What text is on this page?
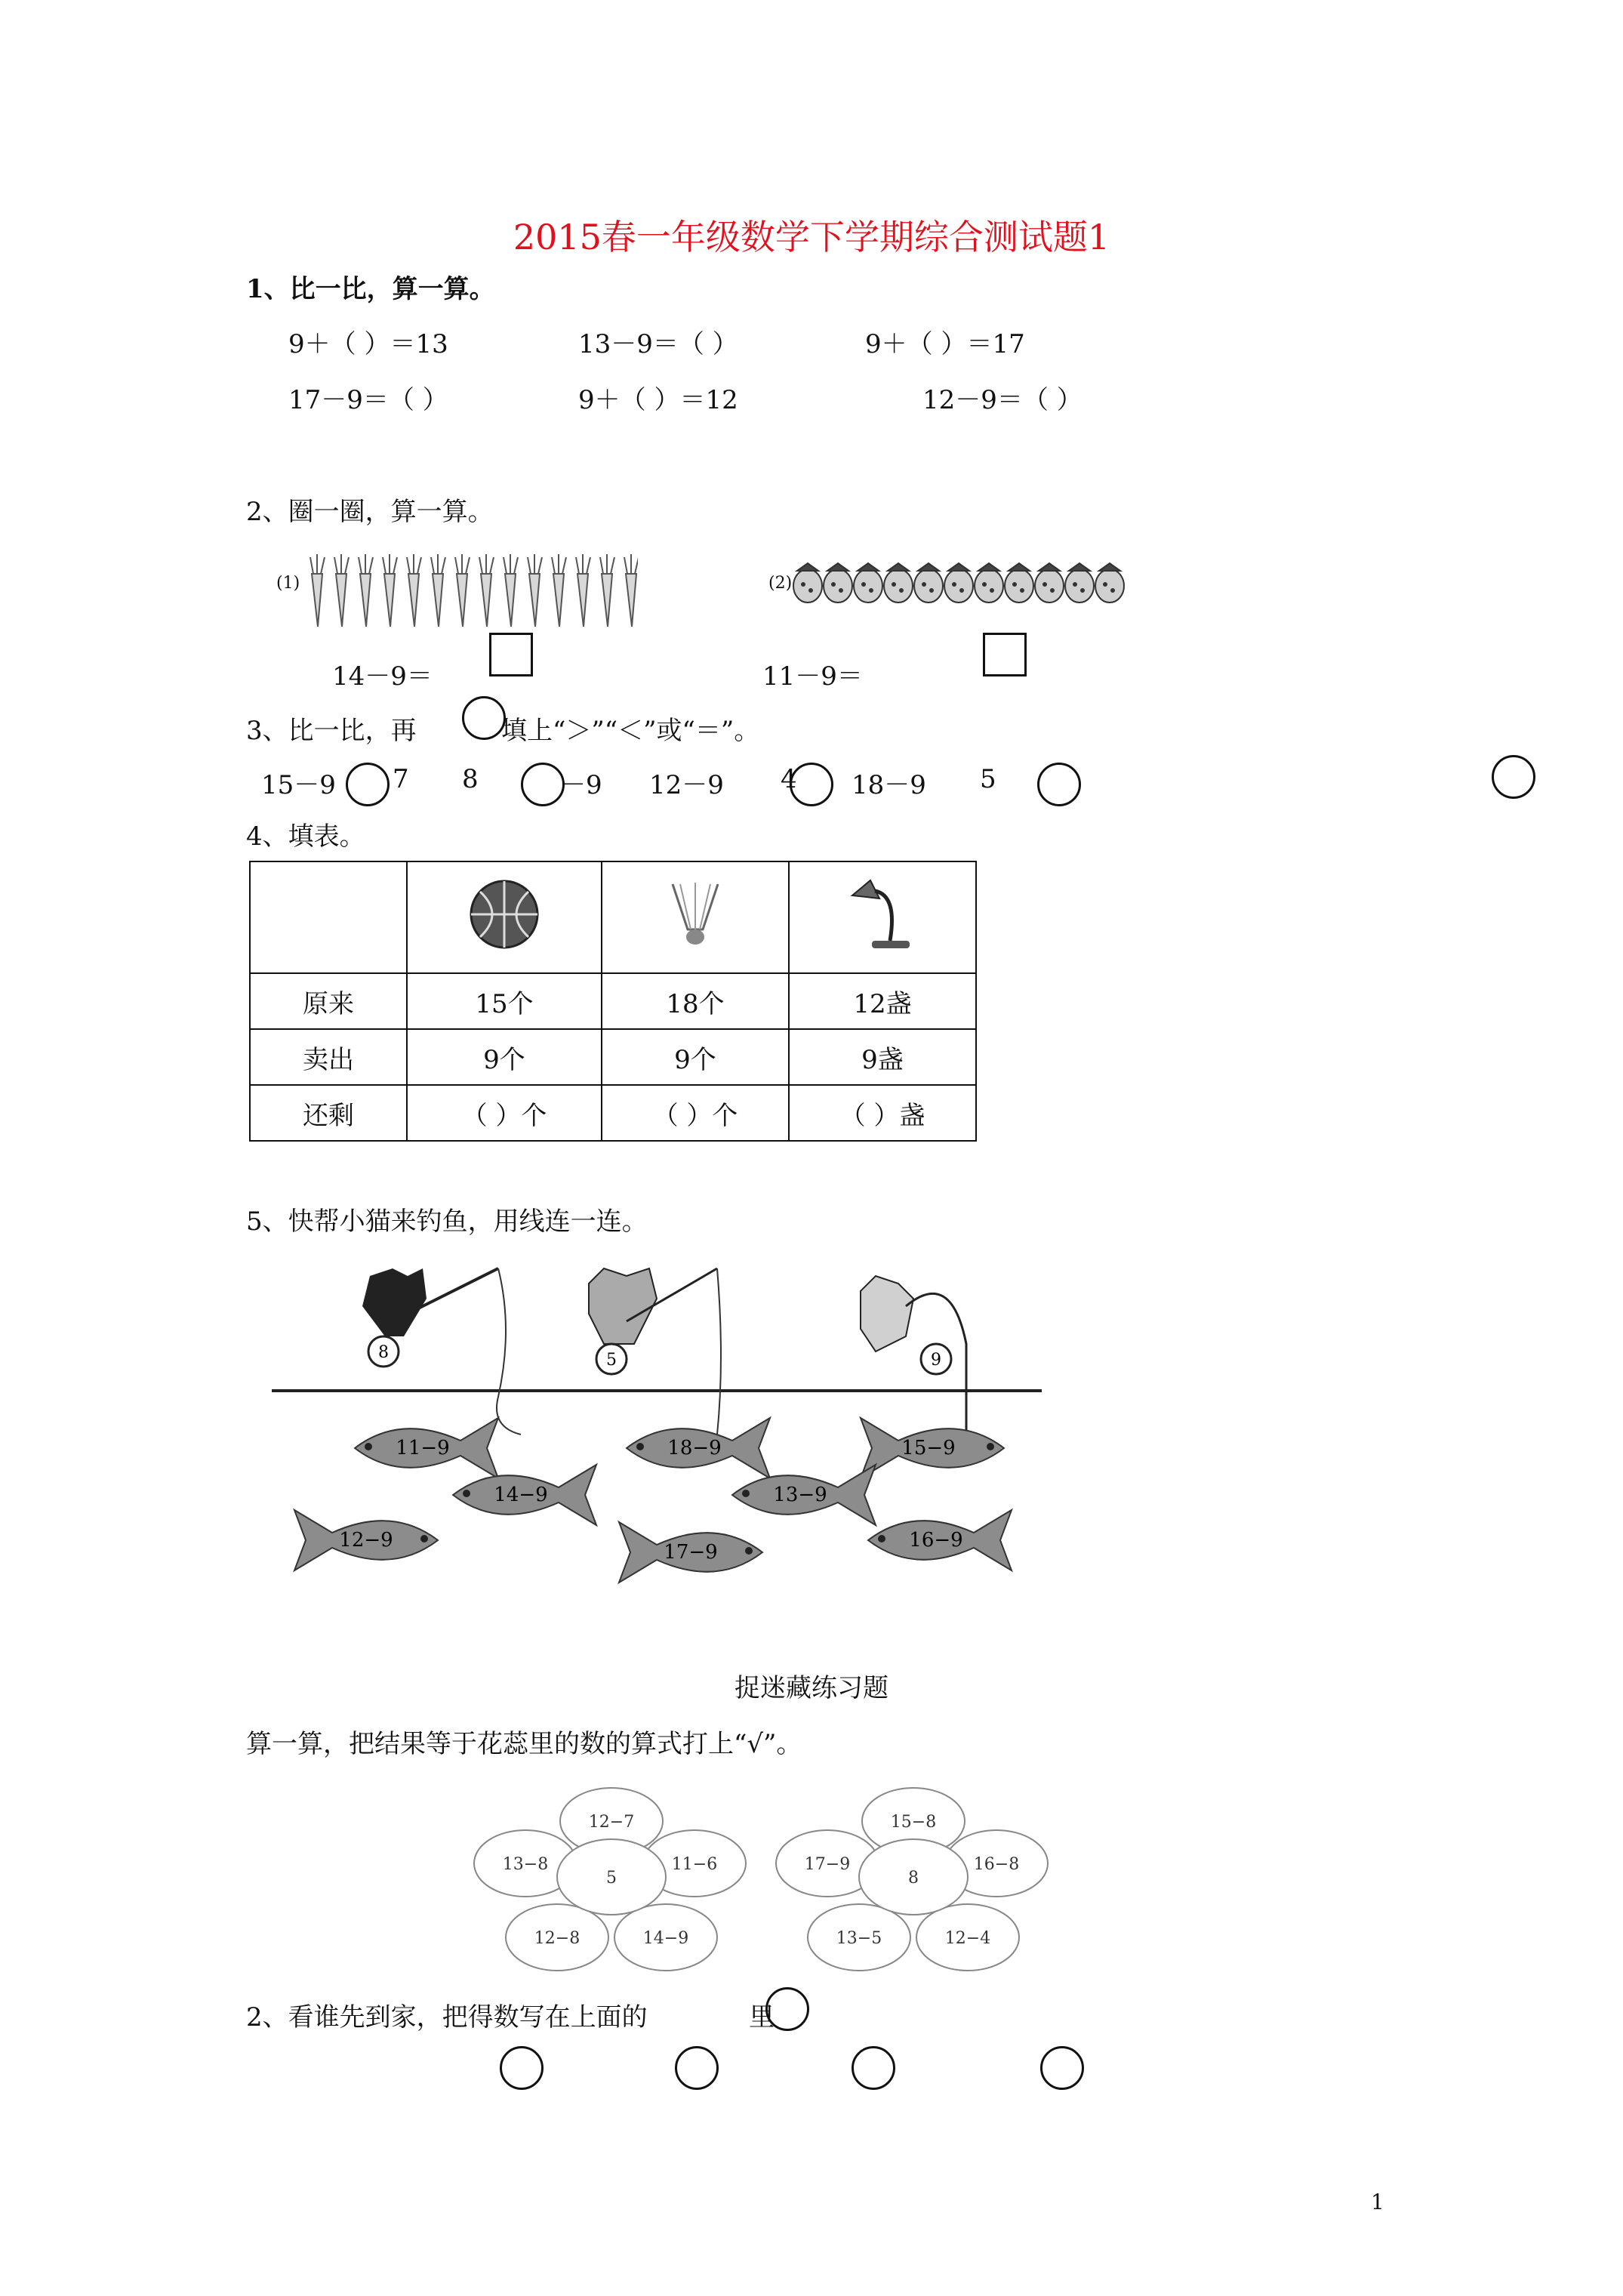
2015春一年级数学下学期综合测试题1
1、比一比，算一算。
9＋（ ）＝13	13－9＝（ ）	9＋（ ）＝17
17－9＝（ ）	9＋（ ）＝12	12－9＝（ ）
2、圈一圈，算一算。
(1)	(2)
14－9＝	11－9＝
3、比一比，再	填上“＞”“＜”或“＝”。
15－9 7 8	－9 12－9 4 18－9 5
4、填表。

原来	15个	18个	12盏
卖出	9个	9个	9盏
还剩	（ ）个	（ ）个	（ ）盏
5、快帮小猫来钓鱼，用线连一连。
8	5	9
11−9	18−9	15−9
14−9	13−9
12−9
17−9
16−9
捉迷藏练习题
算一算，把结果等于花蕊里的数的算式打上“√”。
12−7
11−6
14−9
12−8
13−8
5
15−8
16−8
12−4
13−5
17−9
8
2、看谁先到家，把得数写在上面的	里
1
